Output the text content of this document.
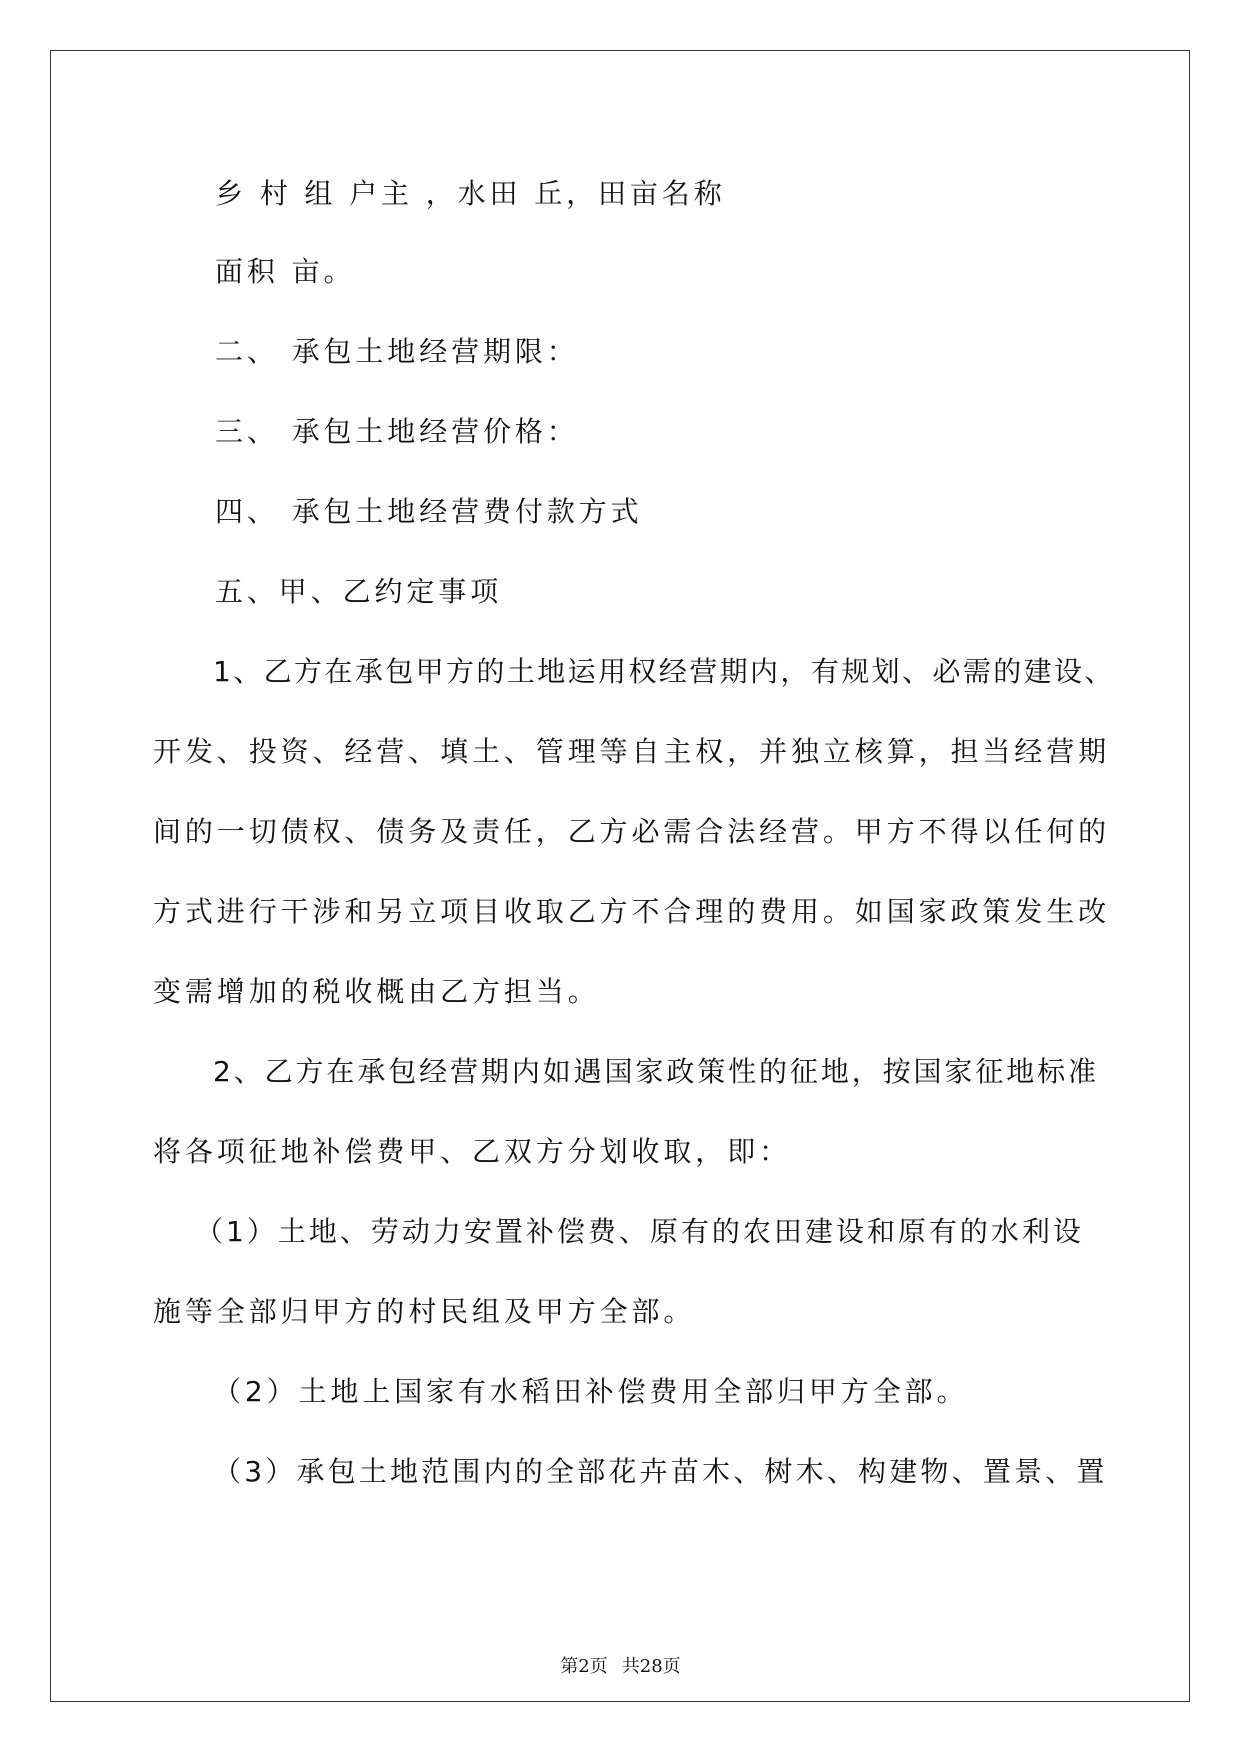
乡 村 组 户主 ，水田 丘，田亩名称
面积 亩。
二、 承包土地经营期限：
三、 承包土地经营价格：
四、 承包土地经营费付款方式
五、甲、乙约定事项
1、乙方在承包甲方的土地运用权经营期内，有规划、必需的建设、
开发、投资、经营、填土、管理等自主权，并独立核算，担当经营期
间的一切债权、债务及责任，乙方必需合法经营。甲方不得以任何的
方式进行干涉和另立项目收取乙方不合理的费用。如国家政策发生改
变需增加的税收概由乙方担当。
2、乙方在承包经营期内如遇国家政策性的征地，按国家征地标准
将各项征地补偿费甲、乙双方分划收取，即：
（1）土地、劳动力安置补偿费、原有的农田建设和原有的水利设
施等全部归甲方的村民组及甲方全部。
（2）土地上国家有水稻田补偿费用全部归甲方全部。
（3）承包土地范围内的全部花卉苗木、树木、构建物、置景、置
第2页 共28页
